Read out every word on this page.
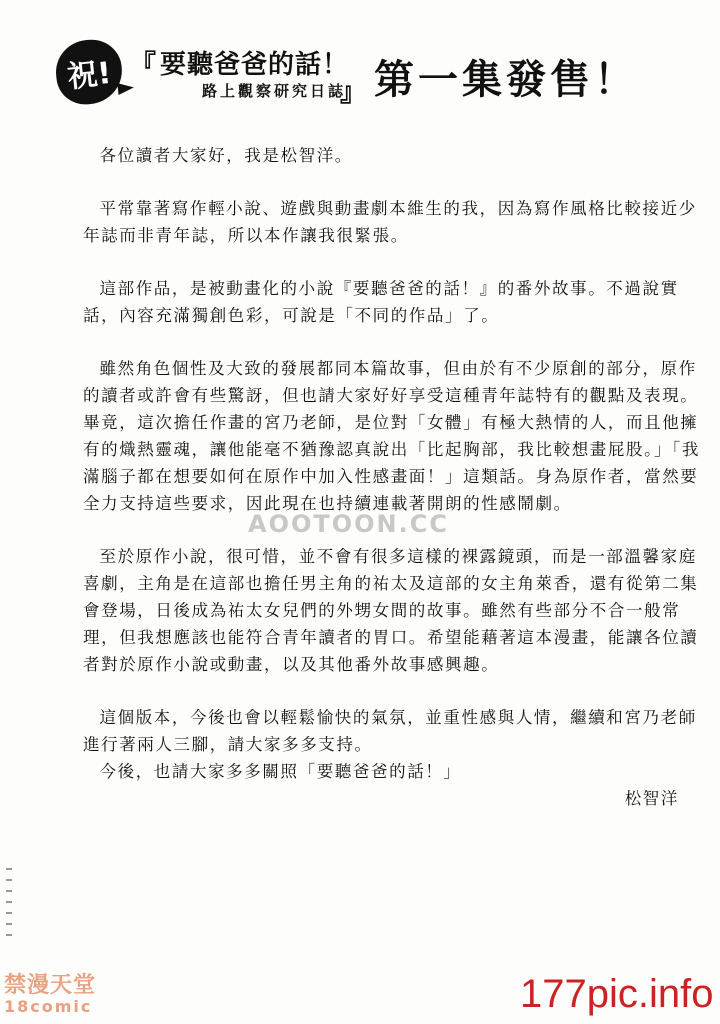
祝! 『 要聽爸爸的話！
路上觀察研究日誌
』 第一集發售！

各位讀者大家好，我是松智洋。

平常靠著寫作輕小說、遊戲與動畫劇本維生的我，因為寫作風格比較接近少年誌而非青年誌，所以本作讓我很緊張。

這部作品，是被動畫化的小說『要聽爸爸的話！』的番外故事。不過說實話，內容充滿獨創色彩，可說是「不同的作品」了。

雖然角色個性及大致的發展都同本篇故事，但由於有不少原創的部分，原作的讀者或許會有些驚訝，但也請大家好好享受這種青年誌特有的觀點及表現。畢竟，這次擔任作畫的宮乃老師，是位對「女體」有極大熱情的人，而且他擁有的熾熱靈魂，讓他能毫不猶豫認真說出「比起胸部，我比較想畫屁股。」「我滿腦子都在想要如何在原作中加入性感畫面！」這類話。身為原作者，當然要全力支持這些要求，因此現在也持續連載著開朗的性感鬧劇。

至於原作小說，很可惜，並不會有很多這樣的裸露鏡頭，而是一部溫馨家庭喜劇，主角是在這部也擔任男主角的祐太及這部的女主角萊香，還有從第二集會登場，日後成為祐太女兒們的外甥女間的故事。雖然有些部分不合一般常理，但我想應該也能符合青年讀者的胃口。希望能藉著這本漫畫，能讓各位讀者對於原作小說或動畫，以及其他番外故事感興趣。

這個版本，今後也會以輕鬆愉快的氣氛，並重性感與人情，繼續和宮乃老師進行著兩人三腳，請大家多多支持。

今後，也請大家多多關照「要聽爸爸的話！」

松智洋
AOOTOON.CC
禁漫天堂
18comic	177pic.info
